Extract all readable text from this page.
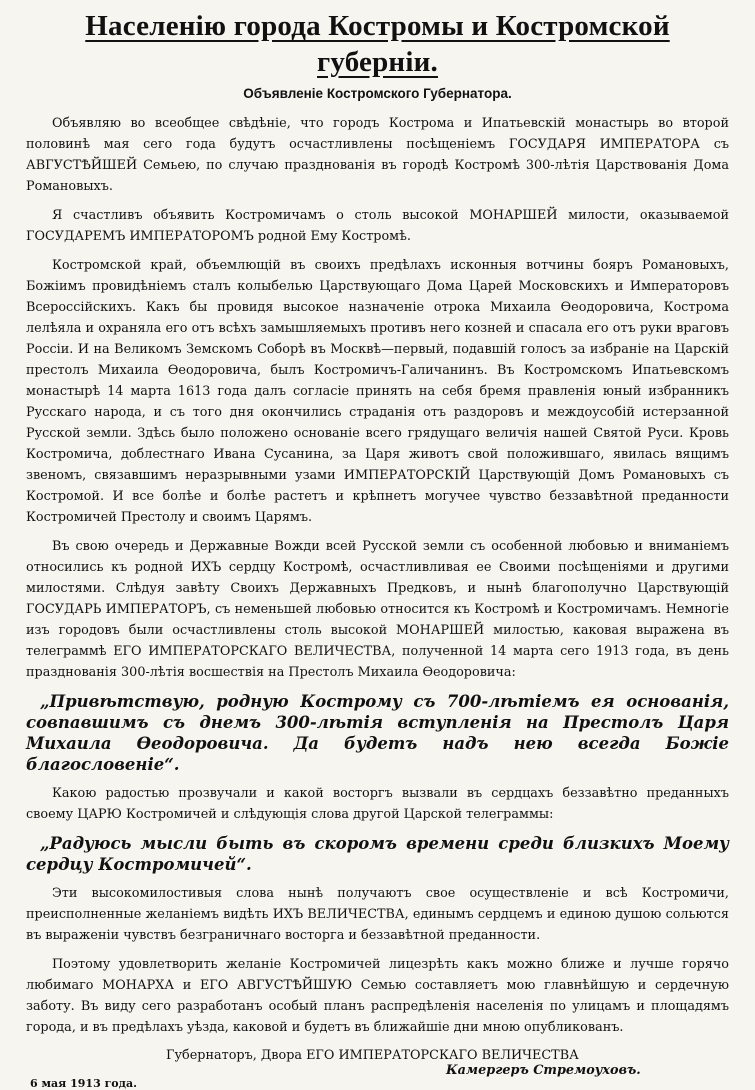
Населенію города Костромы и Костромской губерніи.
Объявленіе Костромского Губернатора.

Объявляю во всеобщее свѣдѣніе, что городъ Кострома и Ипатьевскій монастырь во второй половинѣ мая сего года будутъ осчастливлены посѣщеніемъ ГОСУДАРЯ ИМПЕРАТОРА съ АВГУСТѢЙШЕЙ Семьею, по случаю празднованія въ городѣ Костромѣ 300-лѣтія Царствованія Дома Романовыхъ.

Я счастливъ объявить Костромичамъ о столь высокой МОНАРШЕЙ милости, оказываемой ГОСУДАРЕМЪ ИМПЕРАТОРОМЪ родной Ему Костромѣ.

Костромской край, объемлющій въ своихъ предѣлахъ исконныя вотчины бояръ Романовыхъ, Божіимъ провидѣніемъ сталъ колыбелью Царствующаго Дома Царей Московскихъ и Императоровъ Всероссійскихъ. Какъ бы провидя высокое назначеніе отрока Михаила Ѳеодоровича, Кострома лелѣяла и охраняла его отъ всѣхъ замышляемыхъ противъ него козней и спасала его отъ руки враговъ Россіи. И на Великомъ Земскомъ Соборѣ въ Москвѣ—первый, подавшій голосъ за избраніе на Царскій престолъ Михаила Ѳеодоровича, былъ Костромичъ-Галичанинъ. Въ Костромскомъ Ипатьевскомъ монастырѣ 14 марта 1613 года далъ согласіе принять на себя бремя правленія юный избранникъ Русскаго народа, и съ того дня окончились страданія отъ раздоровъ и междоусобій истерзанной Русской земли. Здѣсь было положено основаніе всего грядущаго величія нашей Святой Руси. Кровь Костромича, доблестнаго Ивана Сусанина, за Царя животъ свой положившаго, явилась вящимъ звеномъ, связавшимъ неразрывными узами ИМПЕРАТОРСКІЙ Царствующій Домъ Романовыхъ съ Костромой. И все болѣе и болѣе растетъ и крѣпнетъ могучее чувство беззавѣтной преданности Костромичей Престолу и своимъ Царямъ.

Въ свою очередь и Державные Вожди всей Русской земли съ особенной любовью и вниманіемъ относились къ родной ИХЪ сердцу Костромѣ, осчастливливая ее Своими посѣщеніями и другими милостями. Слѣдуя завѣту Своихъ Державныхъ Предковъ, и нынѣ благополучно Царствующій ГОСУДАРЬ ИМПЕРАТОРЪ, съ неменьшей любовью относится къ Костромѣ и Костромичамъ. Немногіе изъ городовъ были осчастливлены столь высокой МОНАРШЕЙ милостью, каковая выражена въ телеграммѣ ЕГО ИМПЕРАТОРСКАГО ВЕЛИЧЕСТВА, полученной 14 марта сего 1913 года, въ день празднованія 300-лѣтія восшествія на Престолъ Михаила Ѳеодоровича:

„Привѣтствую, родную Кострому съ 700-лѣтіемъ ея основанія, совпавшимъ съ днемъ 300-лѣтія вступленія на Престолъ Царя Михаила Ѳеодоровича. Да будетъ надъ нею всегда Божіе благословеніе“.

Какою радостью прозвучали и какой восторгъ вызвали въ сердцахъ беззавѣтно преданныхъ своему ЦАРЮ Костромичей и слѣдующія слова другой Царской телеграммы:

„Радуюсь мысли быть въ скоромъ времени среди близкихъ Моему сердцу Костромичей“.

Эти высокомилостивыя слова нынѣ получаютъ свое осуществленіе и всѣ Костромичи, преисполненные желаніемъ видѣть ИХЪ ВЕЛИЧЕСТВА, единымъ сердцемъ и единою душою сольются въ выраженіи чувствъ безграничнаго восторга и беззавѣтной преданности.

Поэтому удовлетворить желаніе Костромичей лицезрѣть какъ можно ближе и лучше горячо любимаго МОНАРХА и ЕГО АВГУСТѢЙШУЮ Семью составляетъ мою главнѣйшую и сердечную заботу. Въ виду сего разработанъ особый планъ распредѣленія населенія по улицамъ и площадямъ города, и въ предѣлахъ уѣзда, каковой и будетъ въ ближайшіе дни мною опубликованъ.

Губернаторъ, Двора ЕГО ИМПЕРАТОРСКАГО ВЕЛИЧЕСТВА
6 мая 1913 года.
Камергеръ Стремоуховъ.
